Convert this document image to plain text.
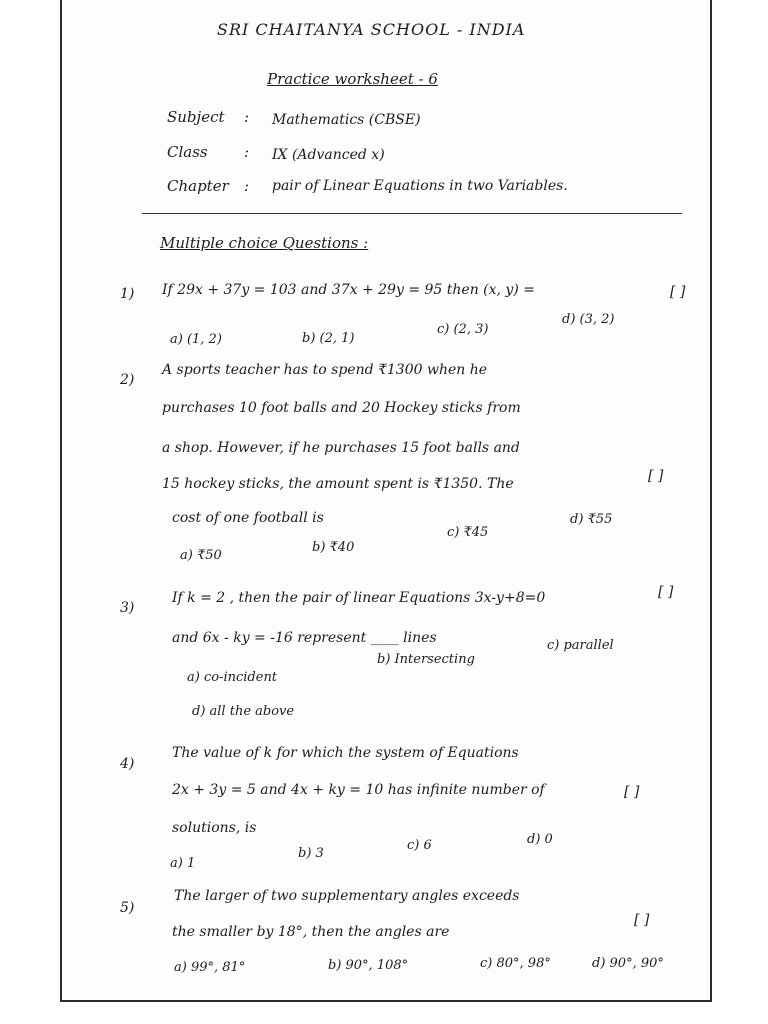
SRI CHAITANYA SCHOOL - INDIA
Practice worksheet - 6
Subject : Mathematics (CBSE)
Class : IX (Advanced x)
Chapter : pair of Linear Equations in two Variables.
Multiple choice Questions :
1) If 29x + 37y = 103 and 37x + 29y = 95 then (x, y) =	[ ]
a) (1, 2)	b) (2, 1)
c) (2, 3)
d) (3, 2)
2)
A sports teacher has to spend ₹1300 when he
purchases 10 foot balls and 20 Hockey sticks from
a shop. However, if he purchases 15 foot balls and
15 hockey sticks, the amount spent is ₹1350. The	[ ]
cost of one football is
a) ₹50
b) ₹40
c) ₹45
d) ₹55
3)
If k = 2 , then the pair of linear Equations 3x-y+8=0	[ ]
and 6x - ky = -16 represent ____ lines
a) co-incident
b) Intersecting
c) parallel
d) all the above
4)
The value of k for which the system of Equations
2x + 3y = 5 and 4x + ky = 10 has infinite number of	[ ]
solutions, is
a) 1
b) 3
c) 6	d) 0
5)
The larger of two supplementary angles exceeds
the smaller by 18°, then the angles are
[ ]
a) 99°, 81°	b) 90°, 108°	c) 80°, 98°	d) 90°, 90°
